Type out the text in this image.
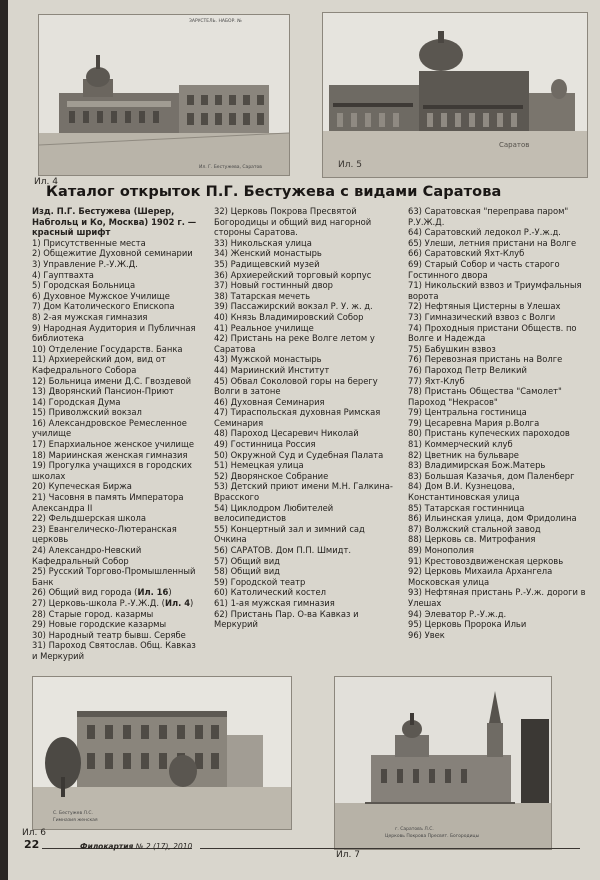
ЗАРУСТЕЛЬ. НАБОР. №
Ил. Г. Бестужева, Саратов
Ил. 4
Саратов
Ил. 5
Каталог открыток П.Г. Бестужева с видами Саратова
Изд. П.Г. Бестужева (Шерер, Набгольц и Ко, Москва) 1902 г. — красный шрифт
1) Присутственные места
2) Общежитие Духовной семинарии
3) Управление Р.-У.Ж.Д.
4) Гауптвахта
5) Городская Больница
6) Духовное Мужское Училище
7) Дом Католического Епископа
8) 2-ая мужская гимназия
9) Народная Аудитория и Публичная библиотека
10) Отделение Государств. Банка
11) Архиерейский дом, вид от Кафедрального Собора
12) Больница имени Д.С. Гвоздевой
13) Дворянский Пансион-Приют
14) Городская Дума
15) Приволжский вокзал
16) Александровское Ремесленное училище
17) Епархиальное женское училище
18) Мариинская женская гимназия
19) Прогулка учащихся в городских школах
20) Купеческая Биржа
21) Часовня в память Императора Александра II
22) Фельдшерская школа
23) Евангелическо-Лютеранская церковь
24) Александро-Невский Кафедральный Собор
25) Русский Торгово-Промышленный Банк
26) Общий вид города (Ил. 16)
27) Церковь-школа Р.-У.Ж.Д. (Ил. 4)
28) Старые город. казармы
29) Новые городские казармы
30) Народный театр бывш. Серябе
31) Пароход Святослав. Общ. Кавказ и Меркурий
32) Церковь Покрова Пресвятой Богородицы и общий вид нагорной стороны Саратова.
33) Никольская улица
34) Женский монастырь
35) Радищевский музей
36) Архиерейский торговый корпус
37) Новый гостинный двор
38) Татарская мечеть
39) Пассажирский вокзал Р. У. ж. д.
40) Князь Владимировский Собор
41) Реальное училище
42) Пристань на реке Волге летом у Саратова
43) Мужской монастырь
44) Мариинский Институт
45) Обвал Соколовой горы на берегу Волги в затоне
46) Духовная Семинария
47) Тираспольская духовная Римская Семинария
48) Пароход Цесаревич Николай
49) Гостинница Россия
50) Окружной Суд и Судебная Палата
51) Немецкая улица
52) Дворянское Собрание
53) Детский приют имени М.Н. Галкина-Врасского
54) Циклодром Любителей велосипедистов
55) Концертный зал и зимний сад Очкина
56) САРАТОВ. Дом П.П. Шмидт.
57) Общий вид
58) Общий вид
59) Городской театр
60) Католический костел
61) 1-ая мужская гимназия
62) Пристань Пар. О-ва Кавказ и Меркурий
63) Саратовская "переправа паром" Р.У.Ж.Д.
64) Саратовский ледокол Р.-У.ж.д.
65) Улеши, летния пристани на Волге
66) Саратовский Яхт-Клуб
69) Старый Собор и часть старого Гостинного двора
71) Никольский взвоз и Триумфальныя ворота
72) Нефтяныя Цистерны в Улешах
73) Гимназический взвоз с Волги
74) Проходныя пристани Обществ. по Волге и Надежда
75) Бабушкин взвоз
76) Перевозная пристань на Волге
76) Пароход Петр Великий
77) Яхт-Клуб
78) Пристань Общества "Самолет" Пароход "Некрасов"
79) Центральна гостиница
79) Цесаревна Мария р.Волга
80) Пристань купеческих пароходов
81) Коммерческий клуб
82) Цветник на бульваре
83) Владимирская Бож.Матерь
83) Большая Казачья, дом Паленберг
84) Дом В.И. Кузнецова, Константиновская улица
85) Татарская гостинница
86) Ильинская улица, дом Фридолина
87) Волжский стальной завод
88) Церковь св. Митрофания
89) Монополия
91) Крестовоздвиженская церковь
92) Церковь Михаила Архангела Московская улица
93) Нефтяная пристань Р.-У.ж. дороги в Улешах
94) Элеватор Р.-У.ж.д.
95) Церковь Пророка Ильи
96) Увек
С. Бестужев Л.С.
Гимназия женская
Ил. 6	г. Саратовъ Л.С.
Церковь Покрова Пресвят. Богородицы
Ил. 7
22	Филокартия № 2 (17), 2010
